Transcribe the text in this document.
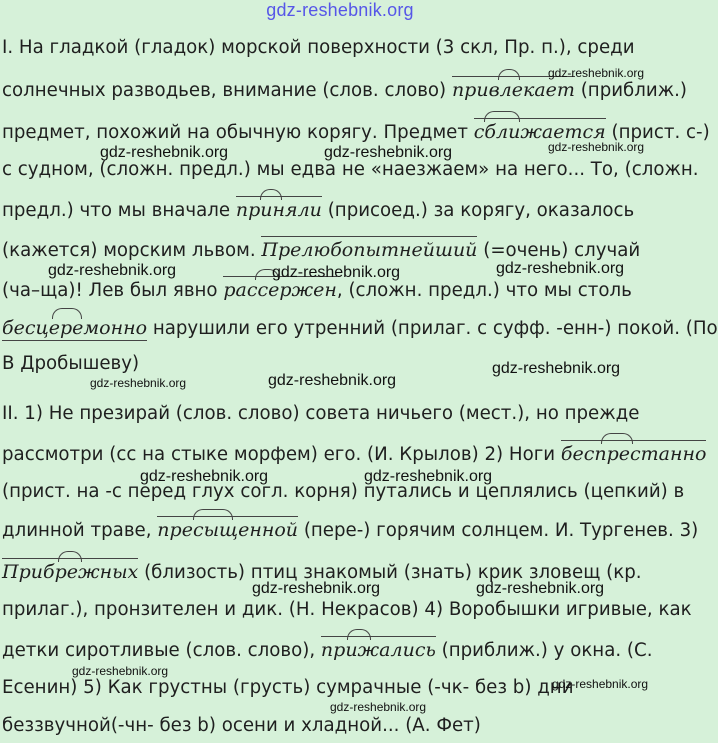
gdz-reshebnik.org
I. На гладкой (гладок) морской поверхности (3 скл, Пр. п.), среди
солнечных разводьев, внимание (слов. слово) привлекает
(приближ.)
предмет, похожий на обычную корягу. Предмет сближается
(прист. с-)
с судном, (сложн. предл.) мы едва не «наезжаем» на него... То, (сложн.
предл.) что мы вначале приняли
(присоед.) за корягу, оказалось
(кажется) морским львом. Прелюбопытнейший (=очень) случай
(ча–ща)! Лев был явно рассержен
, (сложн. предл.) что мы столь
бесцеремонно
нарушили его утренний (прилаг. с суфф. -енн-) покой. (По
В Дробышеву)
II. 1) Не презирай (слов. слово) совета ничьего (мест.), но прежде
рассмотри (сс на стыке морфем) его. (И. Крылов) 2) Ноги беспрестанно
(прист. на -с перед глух согл. корня) путались и цеплялись (цепкий) в
длинной траве, пресыщенной
(пере-) горячим солнцем. И. Тургенев. 3)
Прибрежных
(близость) птиц знакомый (знать) крик зловещ (кр.
прилаг.), пронзителен и дик. (Н. Некрасов) 4) Воробышки игривые, как
детки сиротливые (слов. слово), прижались
(приближ.) у окна. (С.
Есенин) 5) Как грустны (грусть) сумрачные (-чк- без b) дни
беззвучной(-чн- без b) осени и хладной... (А. Фет)
gdz-reshebnik.org
gdz-reshebnik.org	gdz-reshebnik.org	gdz-reshebnik.org
gdz-reshebnik.org	gdz-reshebnik.org	gdz-reshebnik.org
gdz-reshebnik.org	gdz-reshebnik.org
gdz-reshebnik.org
gdz-reshebnik.org	gdz-reshebnik.org
gdz-reshebnik.org	gdz-reshebnik.org
gdz-reshebnik.org
gdz-reshebnik.org
gdz-reshebnik.org
